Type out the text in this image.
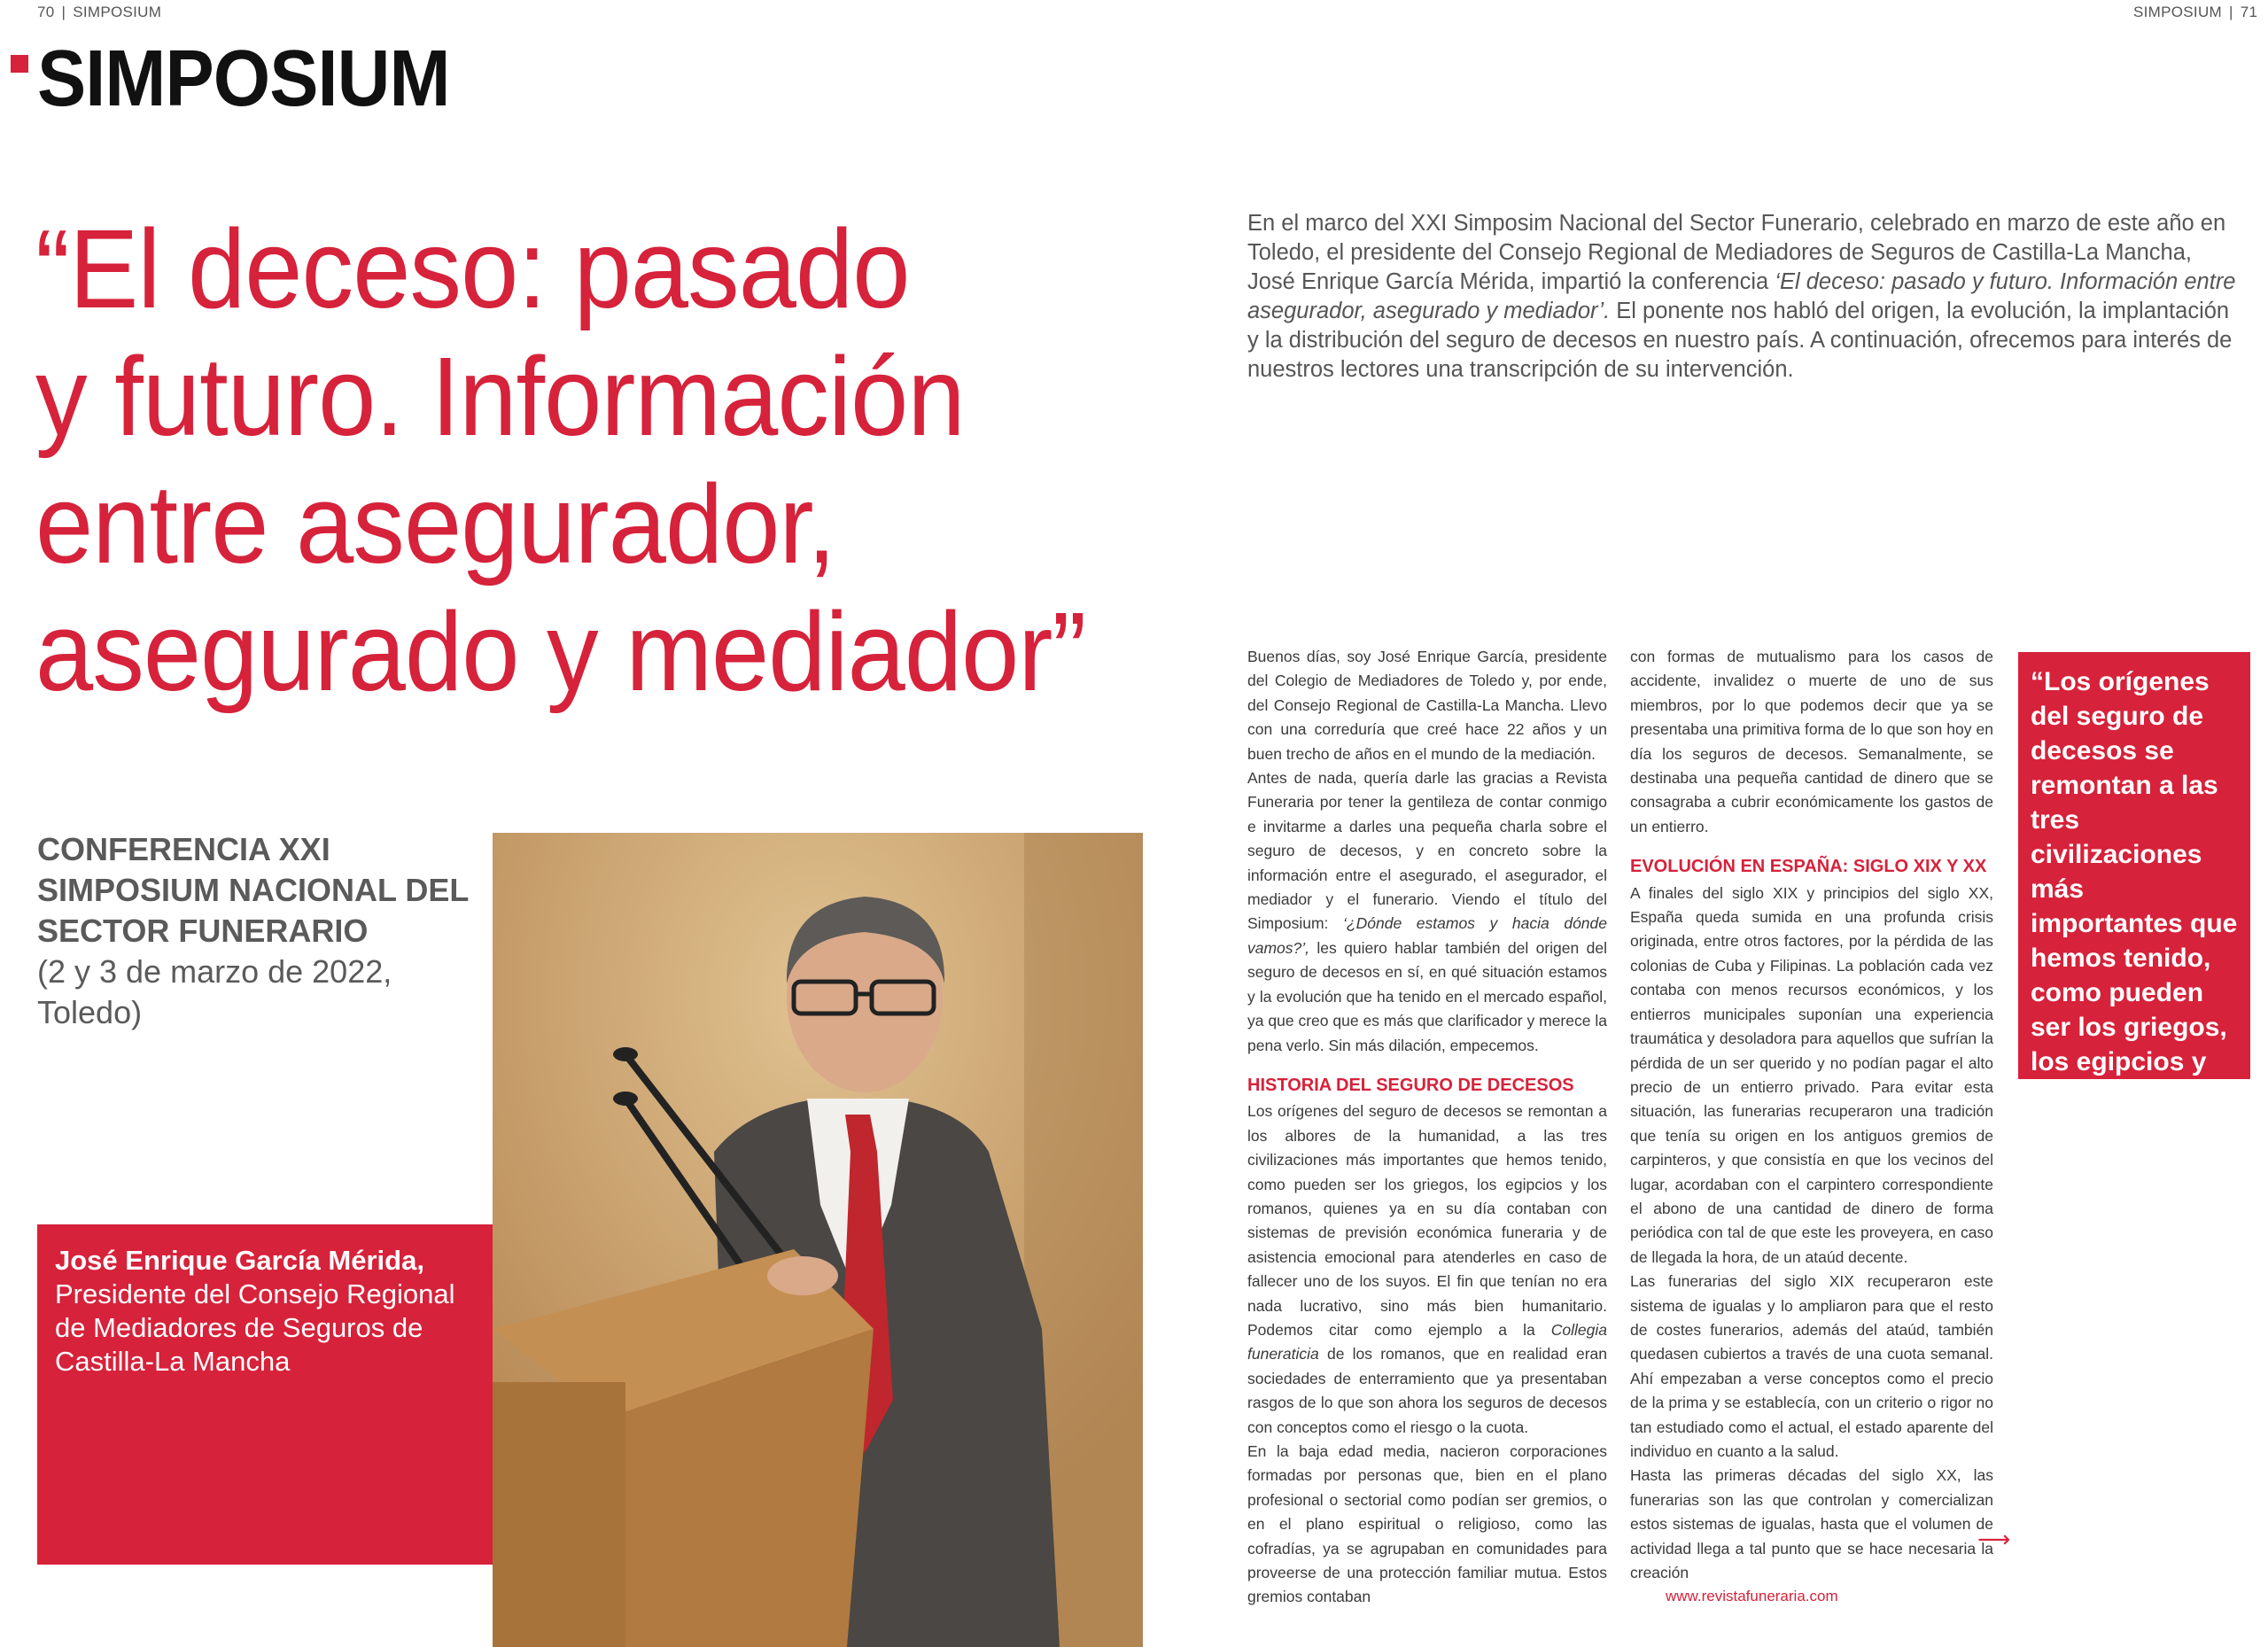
70 | SIMPOSIUM	SIMPOSIUM | 71
SIMPOSIUM
“El deceso: pasado
y futuro. Información
entre asegurador,
asegurado y mediador”
En el marco del XXI Simposim Nacional del Sector Funerario, celebrado en marzo de este año en Toledo, el presidente del Consejo Regional de Mediadores de Seguros de Castilla-La Mancha, José Enrique García Mérida, impartió la conferencia ‘El deceso: pasado y futuro. Información entre asegurador, asegurado y mediador’. El ponente nos habló del origen, la evolución, la implantación y la distribución del seguro de decesos en nuestro país. A continuación, ofrecemos para interés de nuestros lectores una transcripción de su intervención.
CONFERENCIA XXI SIMPOSIUM NACIONAL DEL SECTOR FUNERARIO
(2 y 3 de marzo de 2022, Toledo)
José Enrique García Mérida,
Presidente del Consejo Regional de Mediadores de Seguros de Castilla-La Mancha

Buenos días, soy José Enrique García, presidente del Colegio de Mediadores de Toledo y, por ende, del Consejo Regional de Castilla-La Mancha. Llevo con una correduría que creé hace 22 años y un buen trecho de años en el mundo de la mediación.

Antes de nada, quería darle las gracias a Revista Funeraria por tener la gentileza de contar conmigo e invitarme a darles una pequeña charla sobre el seguro de decesos, y en concreto sobre la información entre el asegurado, el asegurador, el mediador y el funerario. Viendo el título del Simposium: ‘¿Dónde estamos y hacia dónde vamos?’, les quiero hablar también del origen del seguro de decesos en sí, en qué situación estamos y la evolución que ha tenido en el mercado español, ya que creo que es más que clarificador y merece la pena verlo. Sin más dilación, empecemos.

HISTORIA DEL SEGURO DE DECESOS

Los orígenes del seguro de decesos se remontan a los albores de la humanidad, a las tres civilizaciones más importantes que hemos tenido, como pueden ser los griegos, los egipcios y los romanos, quienes ya en su día contaban con sistemas de previsión económica funeraria y de asistencia emocional para atenderles en caso de fallecer uno de los suyos. El fin que tenían no era nada lucrativo, sino más bien humanitario. Podemos citar como ejemplo a la Collegia funeraticia de los romanos, que en realidad eran sociedades de enterramiento que ya presentaban rasgos de lo que son ahora los seguros de decesos con conceptos como el riesgo o la cuota.

En la baja edad media, nacieron corporaciones formadas por personas que, bien en el plano profesional o sectorial como podían ser gremios, o en el plano espiritual o religioso, como las cofradías, ya se agrupaban en comunidades para proveerse de una protección familiar mutua. Estos gremios contaban

con formas de mutualismo para los casos de accidente, invalidez o muerte de uno de sus miembros, por lo que podemos decir que ya se presentaba una primitiva forma de lo que son hoy en día los seguros de decesos. Semanalmente, se destinaba una pequeña cantidad de dinero que se consagraba a cubrir económicamente los gastos de un entierro.

EVOLUCIÓN EN ESPAÑA: SIGLO XIX Y XX

A finales del siglo XIX y principios del siglo XX, España queda sumida en una profunda crisis originada, entre otros factores, por la pérdida de las colonias de Cuba y Filipinas. La población cada vez contaba con menos recursos económicos, y los entierros municipales suponían una experiencia traumática y desoladora para aquellos que sufrían la pérdida de un ser querido y no podían pagar el alto precio de un entierro privado. Para evitar esta situación, las funerarias recuperaron una tradición que tenía su origen en los antiguos gremios de carpinteros, y que consistía en que los vecinos del lugar, acordaban con el carpintero correspondiente el abono de una cantidad de dinero de forma periódica con tal de que este les proveyera, en caso de llegada la hora, de un ataúd decente.

Las funerarias del siglo XIX recuperaron este sistema de igualas y lo ampliaron para que el resto de costes funerarios, además del ataúd, también quedasen cubiertos a través de una cuota semanal. Ahí empezaban a verse conceptos como el precio de la prima y se establecía, con un criterio o rigor no tan estudiado como el actual, el estado aparente del individuo en cuanto a la salud.

Hasta las primeras décadas del siglo XX, las funerarias son las que controlan y comercializan estos sistemas de igualas, hasta que el volumen de actividad llega a tal punto que se hace necesaria la creación

“Los orígenes del seguro de decesos se remontan a las tres civilizaciones más importantes que hemos tenido, como pueden ser los griegos, los egipcios y los romanos”
⟶
www.revistafuneraria.com
